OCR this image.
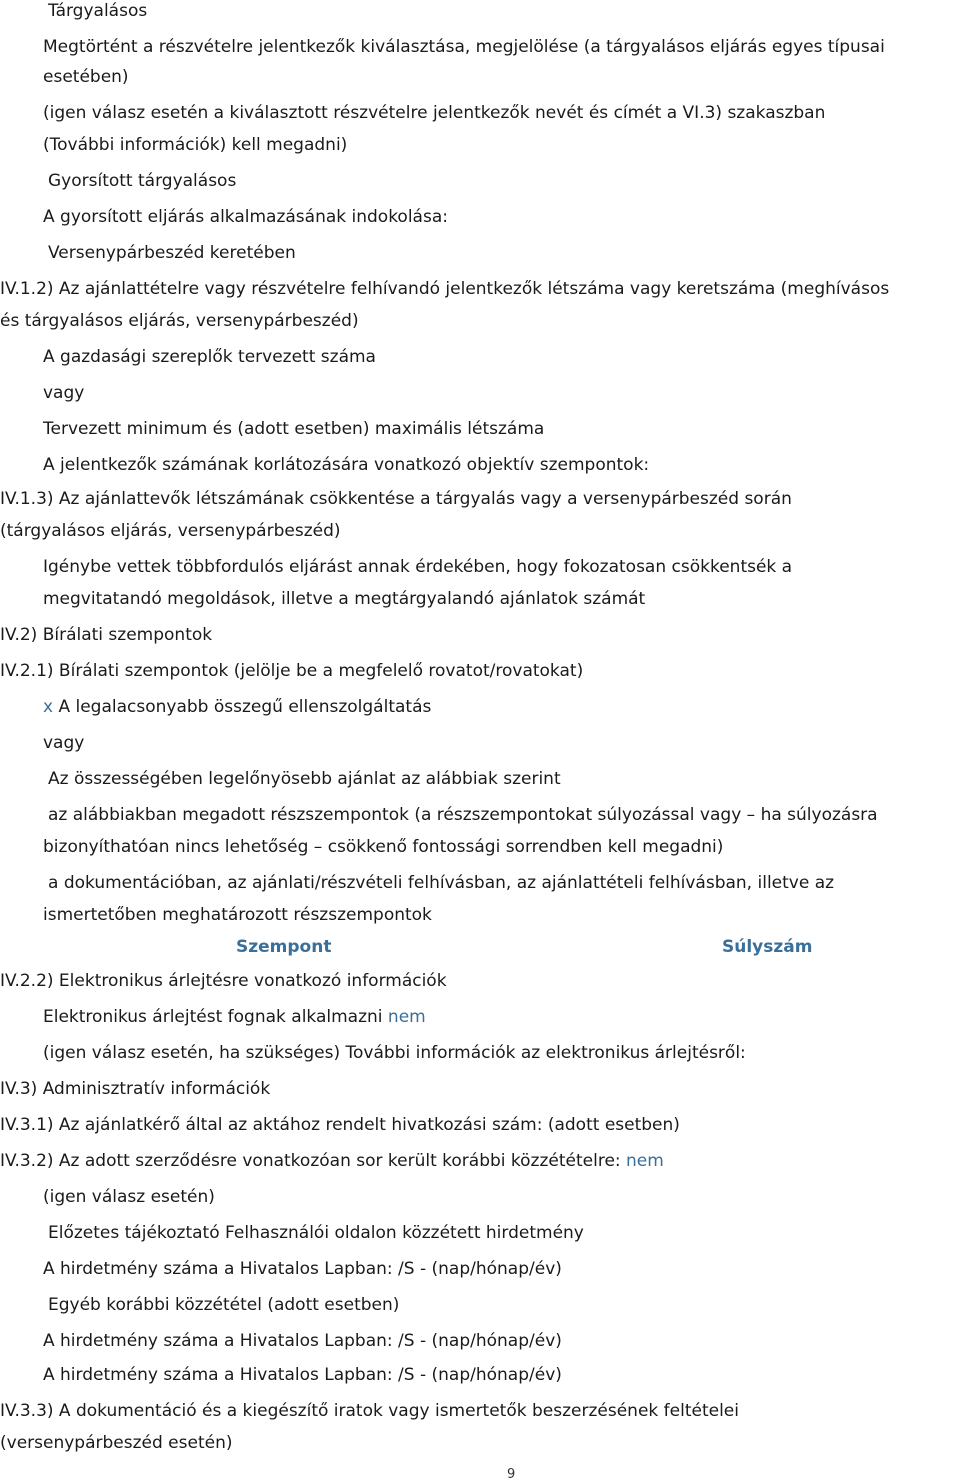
Tárgyalásos
Megtörtént a részvételre jelentkezők kiválasztása, megjelölése (a tárgyalásos eljárás egyes típusai
esetében)
(igen válasz esetén a kiválasztott részvételre jelentkezők nevét és címét a VI.3) szakaszban
(További információk) kell megadni)
Gyorsított tárgyalásos
A gyorsított eljárás alkalmazásának indokolása:
Versenypárbeszéd keretében
IV.1.2) Az ajánlattételre vagy részvételre felhívandó jelentkezők létszáma vagy keretszáma (meghívásos
és tárgyalásos eljárás, versenypárbeszéd)
A gazdasági szereplők tervezett száma
vagy
Tervezett minimum és (adott esetben) maximális létszáma
A jelentkezők számának korlátozására vonatkozó objektív szempontok:
IV.1.3) Az ajánlattevők létszámának csökkentése a tárgyalás vagy a versenypárbeszéd során
(tárgyalásos eljárás, versenypárbeszéd)
Igénybe vettek többfordulós eljárást annak érdekében, hogy fokozatosan csökkentsék a
megvitatandó megoldások, illetve a megtárgyalandó ajánlatok számát
IV.2) Bírálati szempontok
IV.2.1) Bírálati szempontok (jelölje be a megfelelő rovatot/rovatokat)
x A legalacsonyabb összegű ellenszolgáltatás
vagy
Az összességében legelőnyösebb ajánlat az alábbiak szerint
az alábbiakban megadott részszempontok (a részszempontokat súlyozással vagy – ha súlyozásra
bizonyíthatóan nincs lehetőség – csökkenő fontossági sorrendben kell megadni)
a dokumentációban, az ajánlati/részvételi felhívásban, az ajánlattételi felhívásban, illetve az
ismertetőben meghatározott részszempontok
Szempont	Súlyszám
IV.2.2) Elektronikus árlejtésre vonatkozó információk
Elektronikus árlejtést fognak alkalmazni nem
(igen válasz esetén, ha szükséges) További információk az elektronikus árlejtésről:
IV.3) Adminisztratív információk
IV.3.1) Az ajánlatkérő által az aktához rendelt hivatkozási szám: (adott esetben)
IV.3.2) Az adott szerződésre vonatkozóan sor került korábbi közzétételre: nem
(igen válasz esetén)
Előzetes tájékoztató Felhasználói oldalon közzétett hirdetmény
A hirdetmény száma a Hivatalos Lapban: /S - (nap/hónap/év)
Egyéb korábbi közzététel (adott esetben)
A hirdetmény száma a Hivatalos Lapban: /S - (nap/hónap/év)
A hirdetmény száma a Hivatalos Lapban: /S - (nap/hónap/év)
IV.3.3) A dokumentáció és a kiegészítő iratok vagy ismertetők beszerzésének feltételei
(versenypárbeszéd esetén)
9
